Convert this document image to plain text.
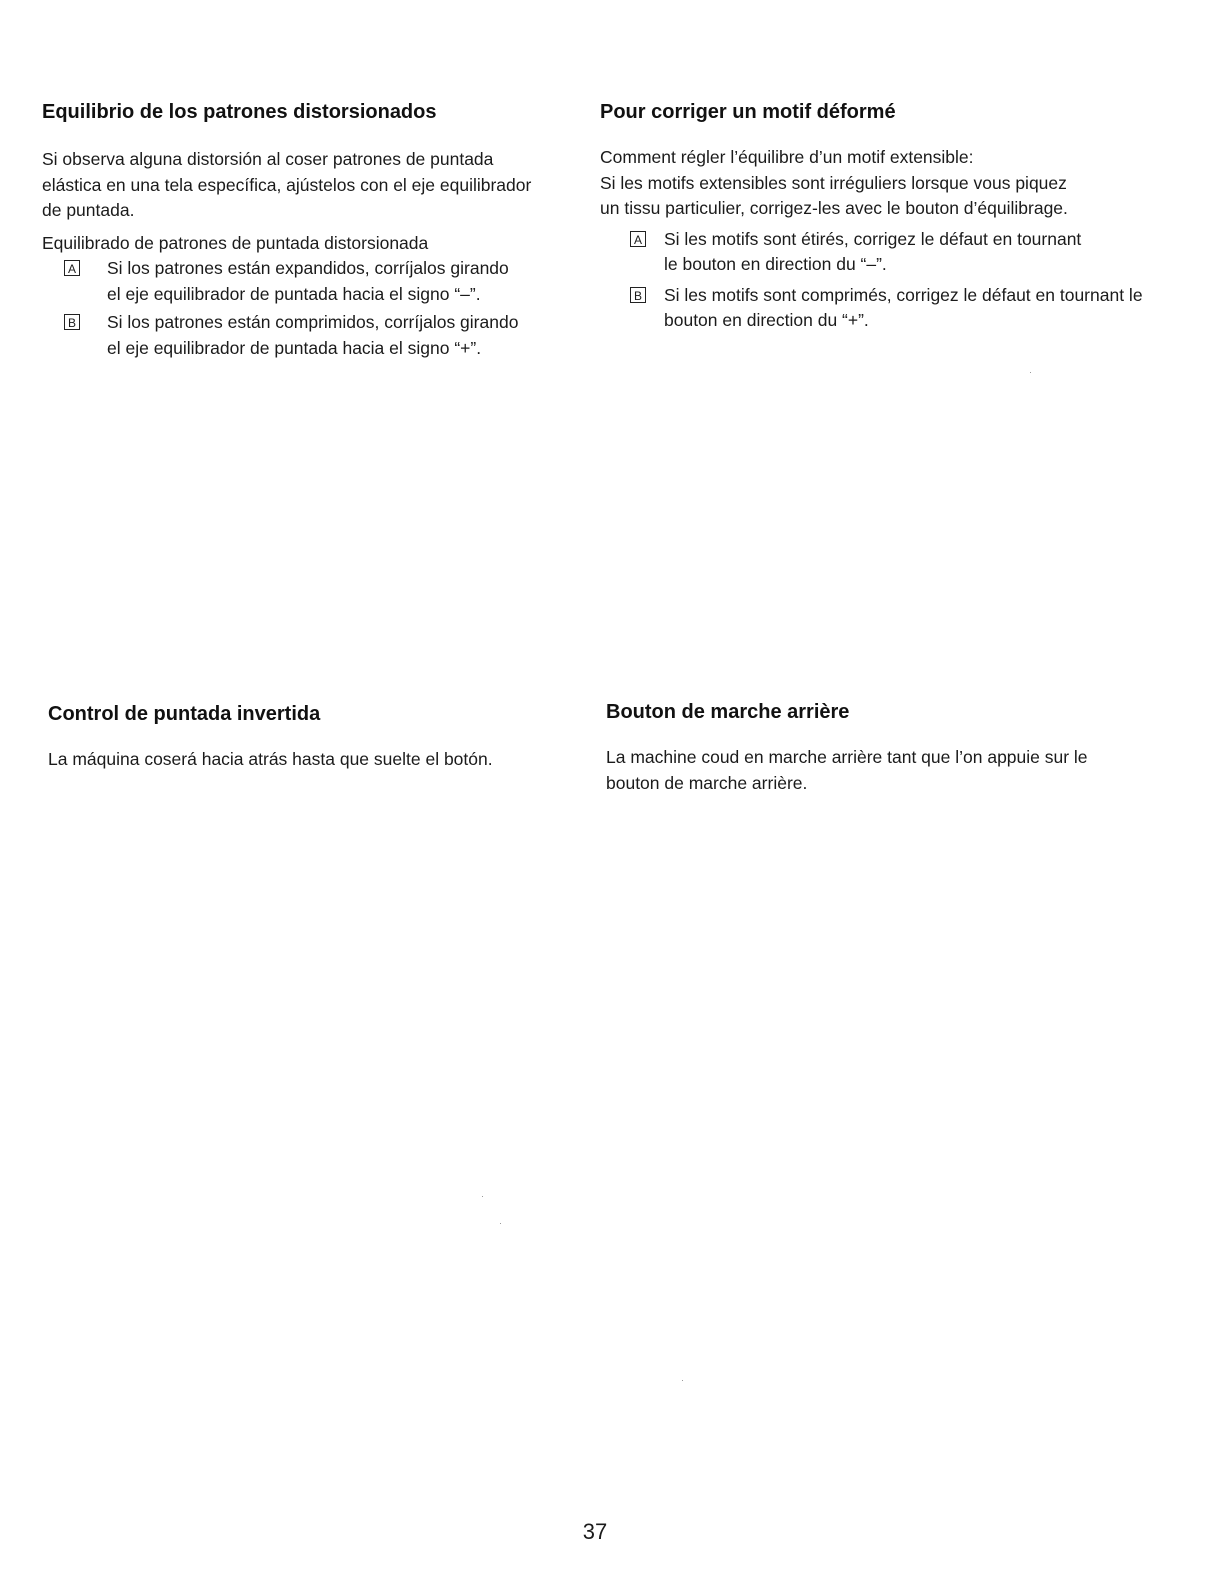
Equilibrio de los patrones distorsionados

Si observa alguna distorsión al coser patrones de puntada elástica en una tela específica, ajústelos con el eje equilibrador de puntada.

Equilibrado de patrones de puntada distorsionada

A Si los patrones están expandidos, corríjalos girando el eje equilibrador de puntada hacia el signo “–”.
B Si los patrones están comprimidos, corríjalos girando el eje equilibrador de puntada hacia el signo “+”.
Pour corriger un motif déformé

Comment régler l’équilibre d’un motif extensible:

Si les motifs extensibles sont irréguliers lorsque vous piquez un tissu particulier, corrigez-les avec le bouton d’équilibrage.

A Si les motifs sont étirés, corrigez le défaut en tournant le bouton en direction du “–”.
B Si les motifs sont comprimés, corrigez le défaut en tournant le bouton en direction du “+”.
Control de puntada invertida

La máquina coserá hacia atrás hasta que suelte el botón.

Bouton de marche arrière

La machine coud en marche arrière tant que l’on appuie sur le bouton de marche arrière.

37
